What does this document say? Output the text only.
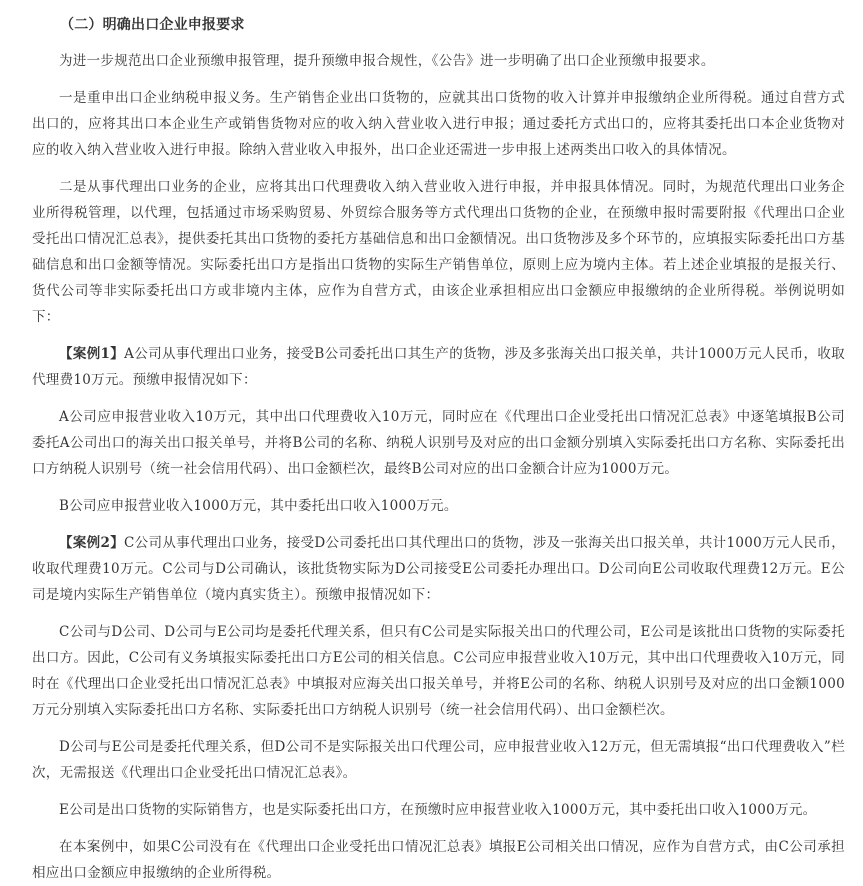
（二）明确出口企业申报要求

为进一步规范出口企业预缴申报管理，提升预缴申报合规性，《公告》进一步明确了出口企业预缴申报要求。

一是重申出口企业纳税申报义务。生产销售企业出口货物的，应就其出口货物的收入计算并申报缴纳企业所得税。通过自营方式出口的，应将其出口本企业生产或销售货物对应的收入纳入营业收入进行申报；通过委托方式出口的，应将其委托出口本企业货物对应的收入纳入营业收入进行申报。除纳入营业收入申报外，出口企业还需进一步申报上述两类出口收入的具体情况。

二是从事代理出口业务的企业，应将其出口代理费收入纳入营业收入进行申报，并申报具体情况。同时，为规范代理出口业务企业所得税管理，以代理，包括通过市场采购贸易、外贸综合服务等方式代理出口货物的企业，在预缴申报时需要附报《代理出口企业受托出口情况汇总表》，提供委托其出口货物的委托方基础信息和出口金额情况。出口货物涉及多个环节的，应填报实际委托出口方基础信息和出口金额等情况。实际委托出口方是指出口货物的实际生产销售单位，原则上应为境内主体。若上述企业填报的是报关行、货代公司等非实际委托出口方或非境内主体，应作为自营方式，由该企业承担相应出口金额应申报缴纳的企业所得税。举例说明如下：

【案例1】A公司从事代理出口业务，接受B公司委托出口其生产的货物，涉及多张海关出口报关单，共计1000万元人民币，收取代理费10万元。预缴申报情况如下：

A公司应申报营业收入10万元，其中出口代理费收入10万元，同时应在《代理出口企业受托出口情况汇总表》中逐笔填报B公司委托A公司出口的海关出口报关单号，并将B公司的名称、纳税人识别号及对应的出口金额分别填入实际委托出口方名称、实际委托出口方纳税人识别号（统一社会信用代码）、出口金额栏次，最终B公司对应的出口金额合计应为1000万元。

B公司应申报营业收入1000万元，其中委托出口收入1000万元。

【案例2】C公司从事代理出口业务，接受D公司委托出口其代理出口的货物，涉及一张海关出口报关单，共计1000万元人民币，收取代理费10万元。C公司与D公司确认，该批货物实际为D公司接受E公司委托办理出口。D公司向E公司收取代理费12万元。E公司是境内实际生产销售单位（境内真实货主）。预缴申报情况如下：

C公司与D公司、D公司与E公司均是委托代理关系，但只有C公司是实际报关出口的代理公司，E公司是该批出口货物的实际委托出口方。因此，C公司有义务填报实际委托出口方E公司的相关信息。C公司应申报营业收入10万元，其中出口代理费收入10万元，同时在《代理出口企业受托出口情况汇总表》中填报对应海关出口报关单号，并将E公司的名称、纳税人识别号及对应的出口金额1000万元分别填入实际委托出口方名称、实际委托出口方纳税人识别号（统一社会信用代码）、出口金额栏次。

D公司与E公司是委托代理关系，但D公司不是实际报关出口代理公司，应申报营业收入12万元，但无需填报“出口代理费收入”栏次，无需报送《代理出口企业受托出口情况汇总表》。

E公司是出口货物的实际销售方，也是实际委托出口方，在预缴时应申报营业收入1000万元，其中委托出口收入1000万元。

在本案例中，如果C公司没有在《代理出口企业受托出口情况汇总表》填报E公司相关出口情况，应作为自营方式，由C公司承担相应出口金额应申报缴纳的企业所得税。
